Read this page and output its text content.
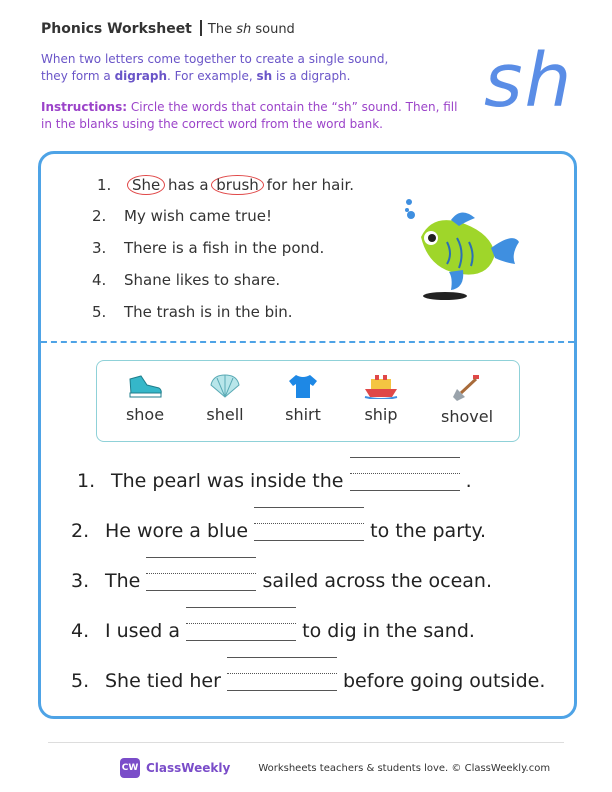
Phonics Worksheet The sh sound
When two letters come together to create a single sound,
they form a digraph. For example, sh is a digraph.
Instructions: Circle the words that contain the “sh” sound. Then, fill in the blanks using the correct word from the word bank.	sh
1. She has a brush for her hair.
2. My wish came true!
3. There is a fish in the pond.
4. Shane likes to share.
5. The trash is in the bin.
shoe	shell	shirt	ship	shovel
1. The pearl was inside the	.
2. He wore a blue	to the party.
3. The	sailed across the ocean.
4. I used a	to dig in the sand.
5. She tied her	before going outside.
CW ClassWeekly	Worksheets teachers & students love. © ClassWeekly.com
